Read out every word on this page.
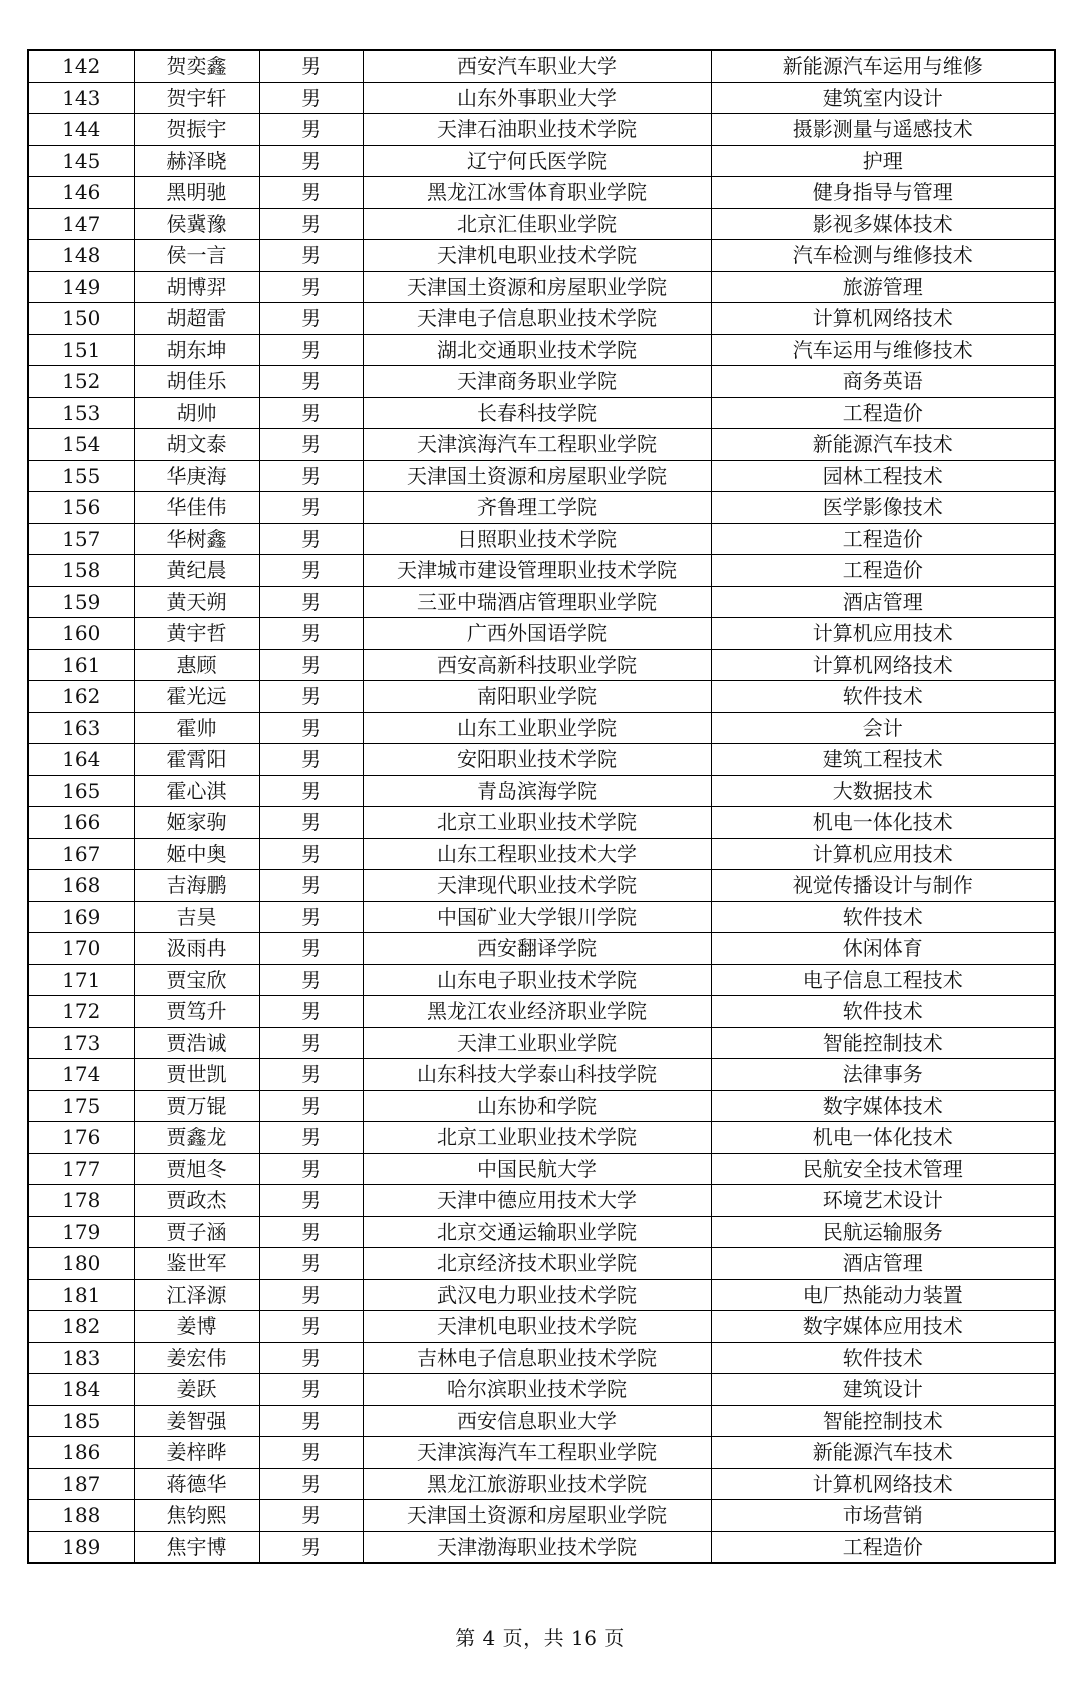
142	贺奕鑫	男	西安汽车职业大学	新能源汽车运用与维修
143	贺宇轩	男	山东外事职业大学	建筑室内设计
144	贺振宇	男	天津石油职业技术学院	摄影测量与遥感技术
145	赫泽晓	男	辽宁何氏医学院	护理
146	黑明驰	男	黑龙江冰雪体育职业学院	健身指导与管理
147	侯冀豫	男	北京汇佳职业学院	影视多媒体技术
148	侯一言	男	天津机电职业技术学院	汽车检测与维修技术
149	胡博羿	男	天津国土资源和房屋职业学院	旅游管理
150	胡超雷	男	天津电子信息职业技术学院	计算机网络技术
151	胡东坤	男	湖北交通职业技术学院	汽车运用与维修技术
152	胡佳乐	男	天津商务职业学院	商务英语
153	胡帅	男	长春科技学院	工程造价
154	胡文泰	男	天津滨海汽车工程职业学院	新能源汽车技术
155	华庚海	男	天津国土资源和房屋职业学院	园林工程技术
156	华佳伟	男	齐鲁理工学院	医学影像技术
157	华树鑫	男	日照职业技术学院	工程造价
158	黄纪晨	男	天津城市建设管理职业技术学院	工程造价
159	黄天朔	男	三亚中瑞酒店管理职业学院	酒店管理
160	黄宇哲	男	广西外国语学院	计算机应用技术
161	惠顾	男	西安高新科技职业学院	计算机网络技术
162	霍光远	男	南阳职业学院	软件技术
163	霍帅	男	山东工业职业学院	会计
164	霍霄阳	男	安阳职业技术学院	建筑工程技术
165	霍心淇	男	青岛滨海学院	大数据技术
166	姬家驹	男	北京工业职业技术学院	机电一体化技术
167	姬中奥	男	山东工程职业技术大学	计算机应用技术
168	吉海鹏	男	天津现代职业技术学院	视觉传播设计与制作
169	吉昊	男	中国矿业大学银川学院	软件技术
170	汲雨冉	男	西安翻译学院	休闲体育
171	贾宝欣	男	山东电子职业技术学院	电子信息工程技术
172	贾笃升	男	黑龙江农业经济职业学院	软件技术
173	贾浩诚	男	天津工业职业学院	智能控制技术
174	贾世凯	男	山东科技大学泰山科技学院	法律事务
175	贾万锟	男	山东协和学院	数字媒体技术
176	贾鑫龙	男	北京工业职业技术学院	机电一体化技术
177	贾旭冬	男	中国民航大学	民航安全技术管理
178	贾政杰	男	天津中德应用技术大学	环境艺术设计
179	贾子涵	男	北京交通运输职业学院	民航运输服务
180	鉴世军	男	北京经济技术职业学院	酒店管理
181	江泽源	男	武汉电力职业技术学院	电厂热能动力装置
182	姜博	男	天津机电职业技术学院	数字媒体应用技术
183	姜宏伟	男	吉林电子信息职业技术学院	软件技术
184	姜跃	男	哈尔滨职业技术学院	建筑设计
185	姜智强	男	西安信息职业大学	智能控制技术
186	姜梓晔	男	天津滨海汽车工程职业学院	新能源汽车技术
187	蒋德华	男	黑龙江旅游职业技术学院	计算机网络技术
188	焦钧熙	男	天津国土资源和房屋职业学院	市场营销
189	焦宇博	男	天津渤海职业技术学院	工程造价
第 4 页，共 16 页
